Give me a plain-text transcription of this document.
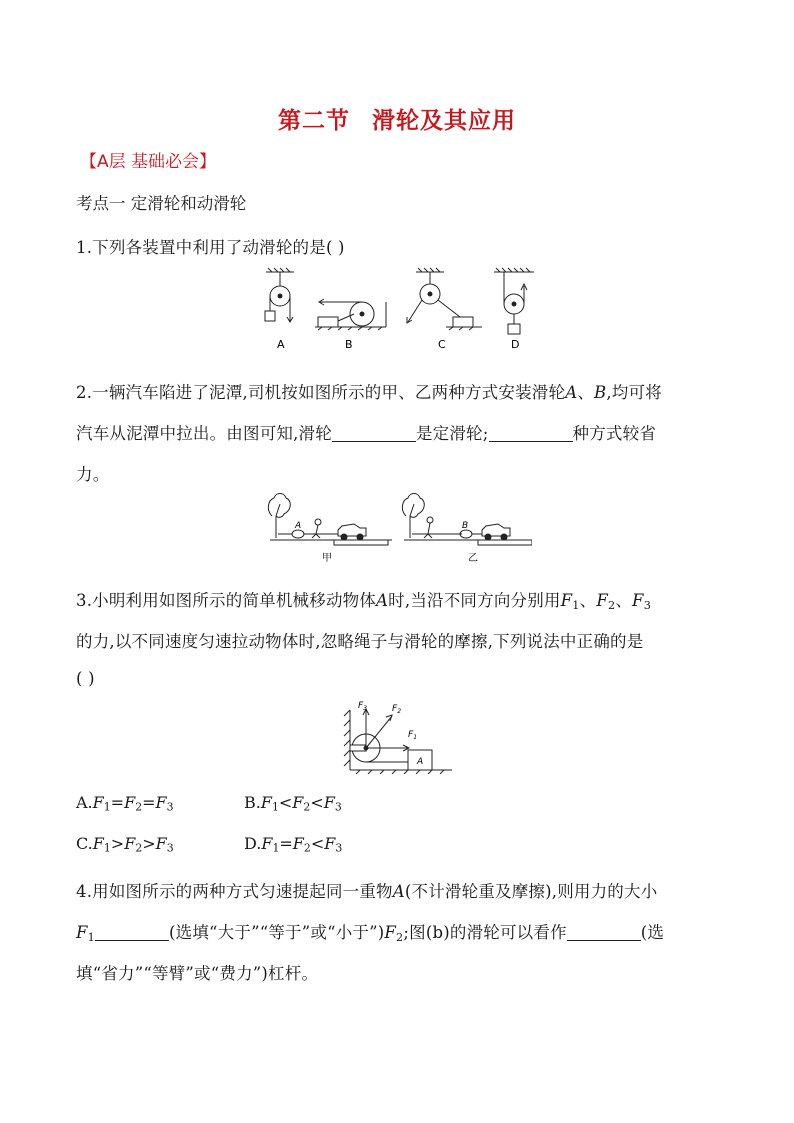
第二节 滑轮及其应用
【A层 基础必会】
考点一 定滑轮和动滑轮
1.下列各装置中利用了动滑轮的是( )
A	B	C	D
2.一辆汽车陷进了泥潭,司机按如图所示的甲、乙两种方式安装滑轮A、B,均可将
汽车从泥潭中拉出。由图可知,滑轮	是定滑轮;	种方式较省
力。
A	B
甲	乙
3.小明利用如图所示的简单机械移动物体A时,当沿不同方向分别用$F_1$、$F_2$、$F_3$
的力,以不同速度匀速拉动物体时,忽略绳子与滑轮的摩擦,下列说法中正确的是
( )
$F_3$	$F_2$
$F_1$
A
$A.F_1=F_2=F_3$	$B.F_1<F_2<F_3$
$C.F_1>F_2>F_3$	$D.F_1=F_2<F_3$
4.用如图所示的两种方式匀速提起同一重物A(不计滑轮重及摩擦),则用力的大小
$F_1$	(选填“大于”“等于”或“小于$”)F_2$;图(b)的滑轮可以看作	(选
填“省力”“等臂”或“费力”)杠杆。
